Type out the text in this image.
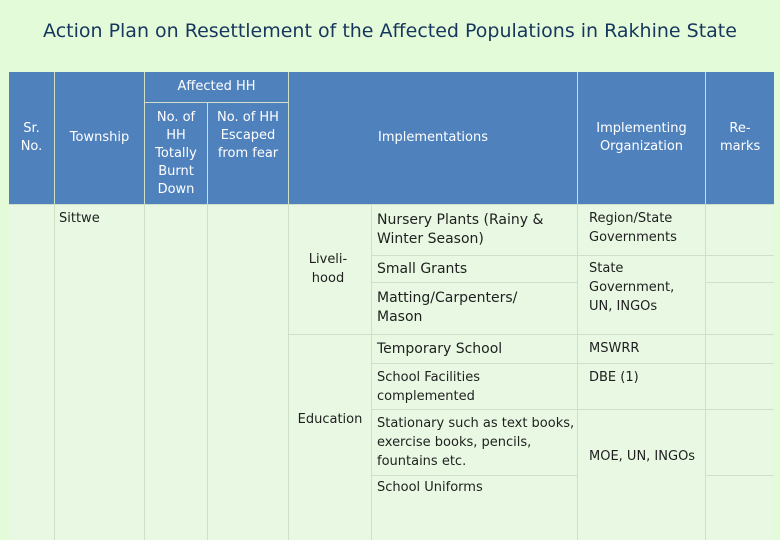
Action Plan on Resettlement of the Affected Populations in Rakhine State
Sr. No.
Township
Affected HH
No. of HH Totally Burnt Down
No. of HH Escaped from fear
Implementations
Implementing Organization
Re- marks
Sittwe
Liveli- hood
Education
Nursery Plants (Rainy & Winter Season)
Small Grants
Matting/Carpenters/ Mason
Temporary School
School Facilities complemented
Stationary such as text books, exercise books, pencils, fountains etc.
School Uniforms
Region/State Governments
State Government, UN, INGOs
MSWRR
DBE (1)
MOE, UN, INGOs
